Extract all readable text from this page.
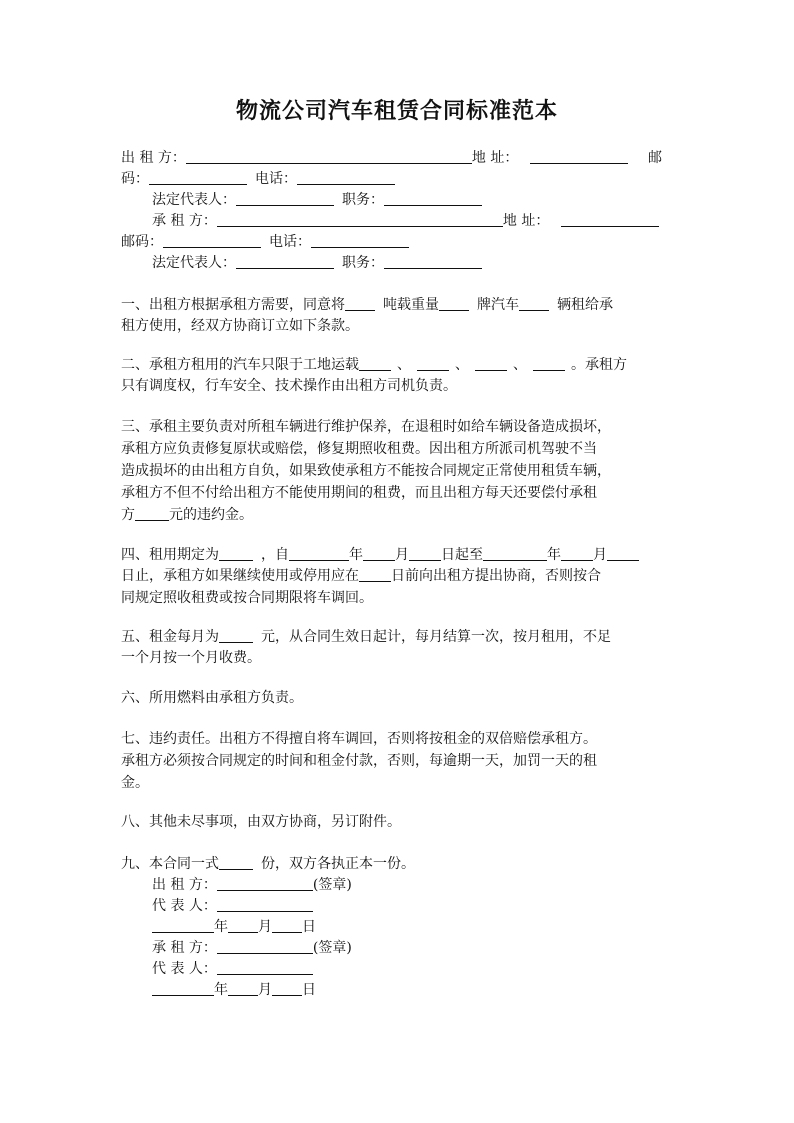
物流公司汽车租赁合同标准范本
出 租 方：	地 址：	邮
码：	电话：
法定代表人：	职务：
承 租 方：	地 址：
邮码：	电话：
法定代表人：	职务：
一、出租方根据承租方需要，同意将	吨载重量	牌汽车	辆租给承
租方使用，经双方协商订立如下条款。
二、承租方租用的汽车只限于工地运载	、	、	、	。承租方
只有调度权，行车安全、技术操作由出租方司机负责。
三、承租主要负责对所租车辆进行维护保养，在退租时如给车辆设备造成损坏，
承租方应负责修复原状或赔偿，修复期照收租费。因出租方所派司机驾驶不当
造成损坏的由出租方自负，如果致使承租方不能按合同规定正常使用租赁车辆，
承租方不但不付给出租方不能使用期间的租费，而且出租方每天还要偿付承租
方 元的违约金。
四、租用期定为	，自	年 月 日起至	年 月
日止，承租方如果继续使用或停用应在 日前向出租方提出协商，否则按合
同规定照收租费或按合同期限将车调回。
五、租金每月为	元，从合同生效日起计，每月结算一次，按月租用，不足
一个月按一个月收费。
六、所用燃料由承租方负责。
七、违约责任。出租方不得擅自将车调回，否则将按租金的双倍赔偿承租方。
承租方必须按合同规定的时间和租金付款，否则，每逾期一天，加罚一天的租
金。
八、其他未尽事项，由双方协商，另订附件。
九、本合同一式	份，双方各执正本一份。
出 租 方：	(签章)
代 表 人：
年 月 日
承 租 方：	(签章)
代 表 人：
年 月 日
